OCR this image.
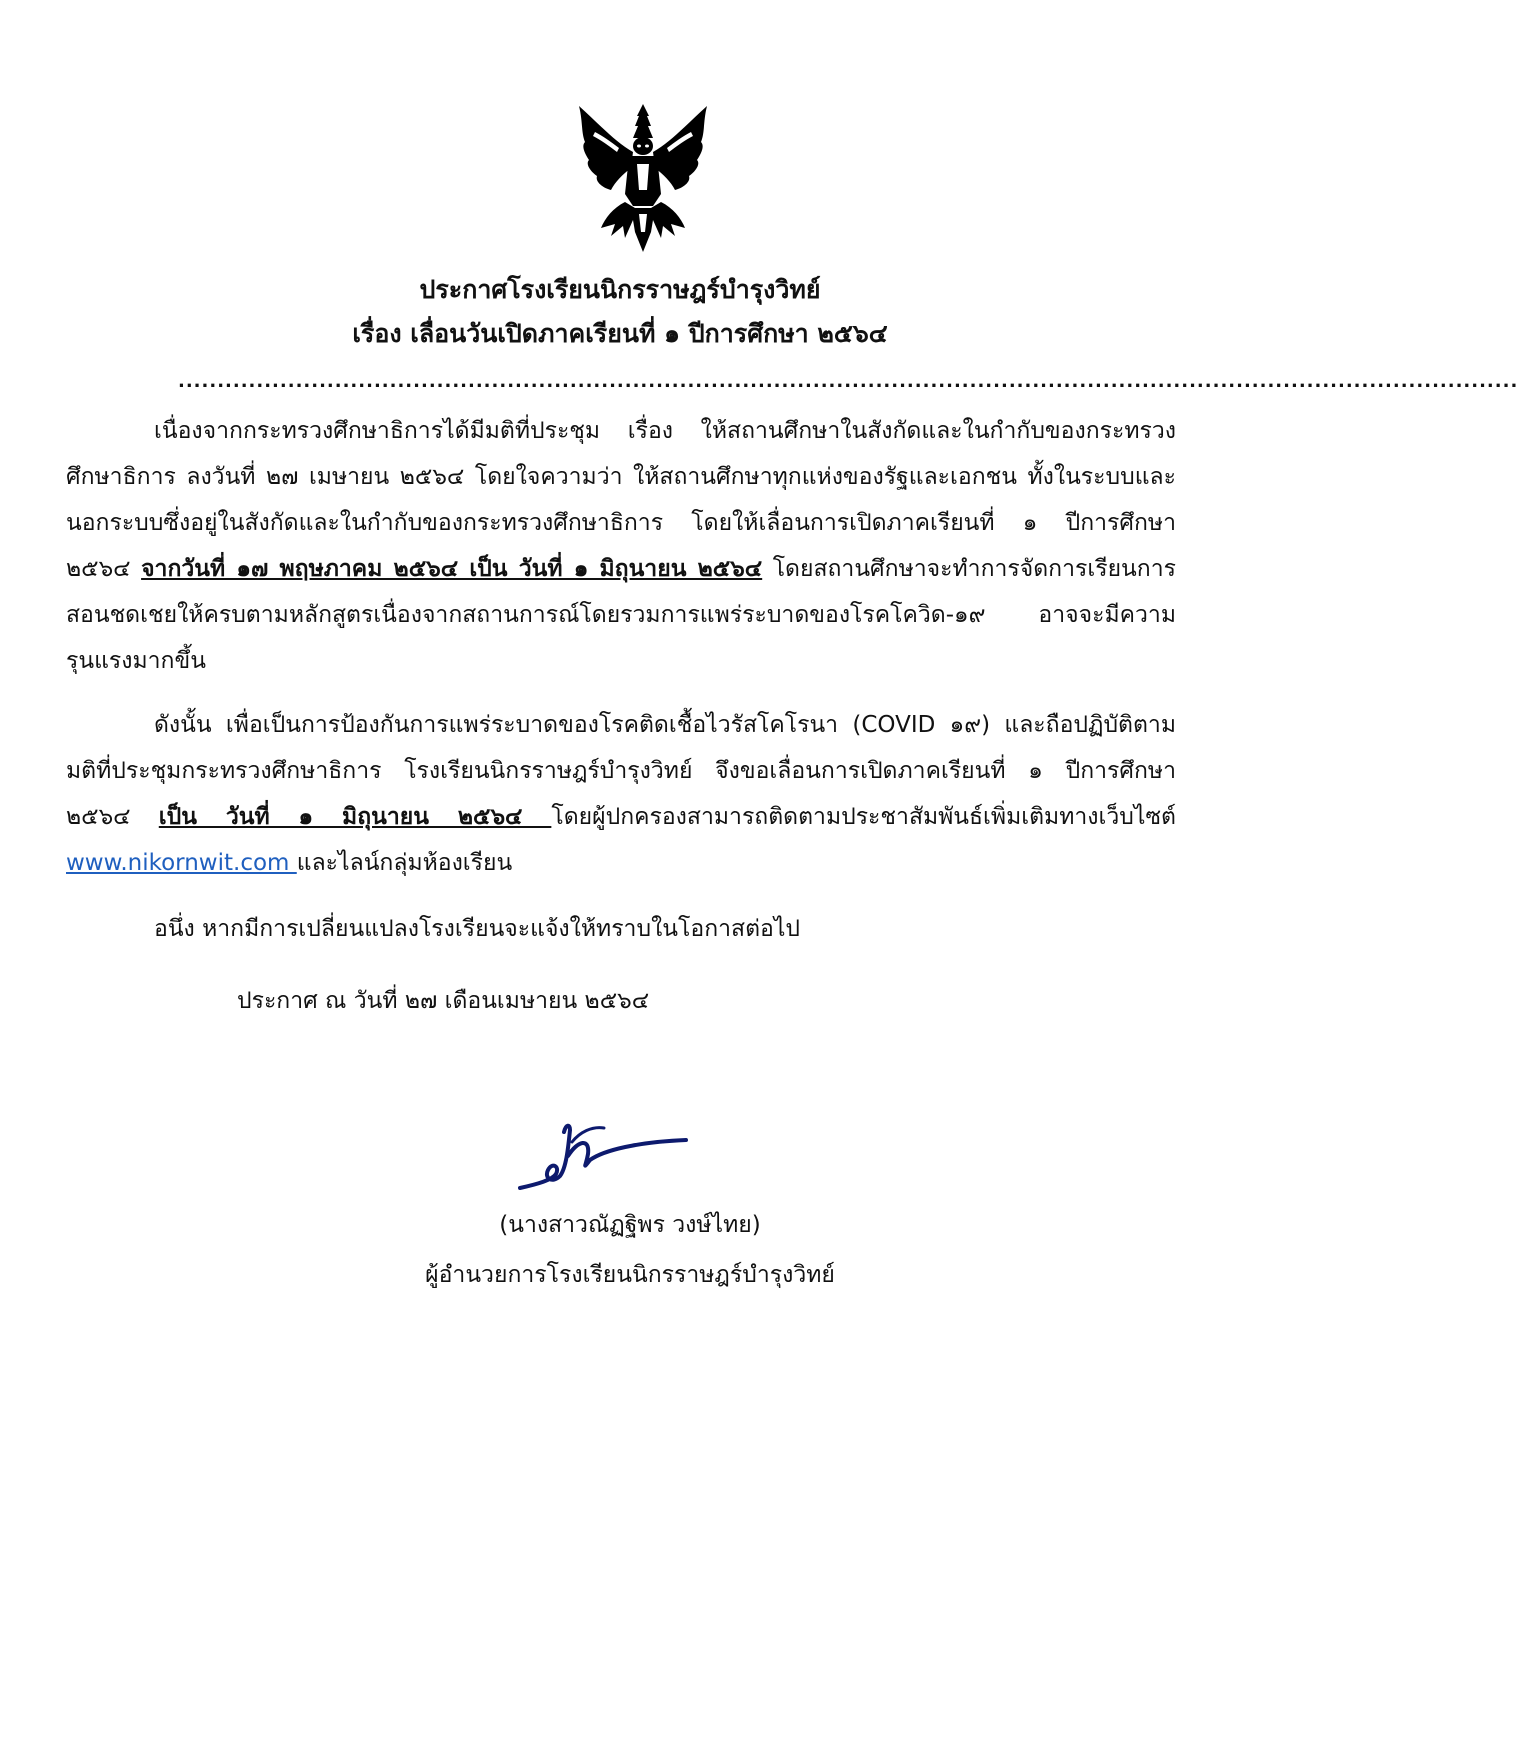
ประกาศโรงเรียนนิกรราษฎร์บำรุงวิทย์
เรื่อง เลื่อนวันเปิดภาคเรียนที่ ๑ ปีการศึกษา ๒๕๖๔
...........................................................................................................................................................................

เนื่องจากกระทรวงศึกษาธิการได้มีมติที่ประชุม เรื่อง ให้สถานศึกษาในสังกัดและในกำกับของกระทรวงศึกษาธิการ ลงวันที่ ๒๗ เมษายน ๒๕๖๔ โดยใจความว่า ให้สถานศึกษาทุกแห่งของรัฐและเอกชน ทั้งในระบบและนอกระบบซึ่งอยู่ในสังกัดและในกำกับของกระทรวงศึกษาธิการ โดยให้เลื่อนการเปิดภาคเรียนที่ ๑ ปีการศึกษา ๒๕๖๔ จากวันที่ ๑๗ พฤษภาคม ๒๕๖๔ เป็น วันที่ ๑ มิถุนายน ๒๕๖๔ โดยสถานศึกษาจะทำการจัดการเรียนการสอนชดเชยให้ครบตามหลักสูตรเนื่องจากสถานการณ์โดยรวมการแพร่ระบาดของโรคโควิด-๑๙ อาจจะมีความรุนแรงมากขึ้น

ดังนั้น เพื่อเป็นการป้องกันการแพร่ระบาดของโรคติดเชื้อไวรัสโคโรนา (COVID ๑๙) และถือปฏิบัติตามมติที่ประชุมกระทรวงศึกษาธิการ โรงเรียนนิกรราษฎร์บำรุงวิทย์ จึงขอเลื่อนการเปิดภาคเรียนที่ ๑ ปีการศึกษา ๒๕๖๔ เป็น วันที่ ๑ มิถุนายน ๒๕๖๔ โดยผู้ปกครองสามารถติดตามประชาสัมพันธ์เพิ่มเติมทางเว็บไซต์ www.nikornwit.com และไลน์กลุ่มห้องเรียน

อนึ่ง หากมีการเปลี่ยนแปลงโรงเรียนจะแจ้งให้ทราบในโอกาสต่อไป
ประกาศ ณ วันที่ ๒๗ เดือนเมษายน ๒๕๖๔
(นางสาวณัฏฐิพร วงษ์ไทย)
ผู้อำนวยการโรงเรียนนิกรราษฎร์บำรุงวิทย์
